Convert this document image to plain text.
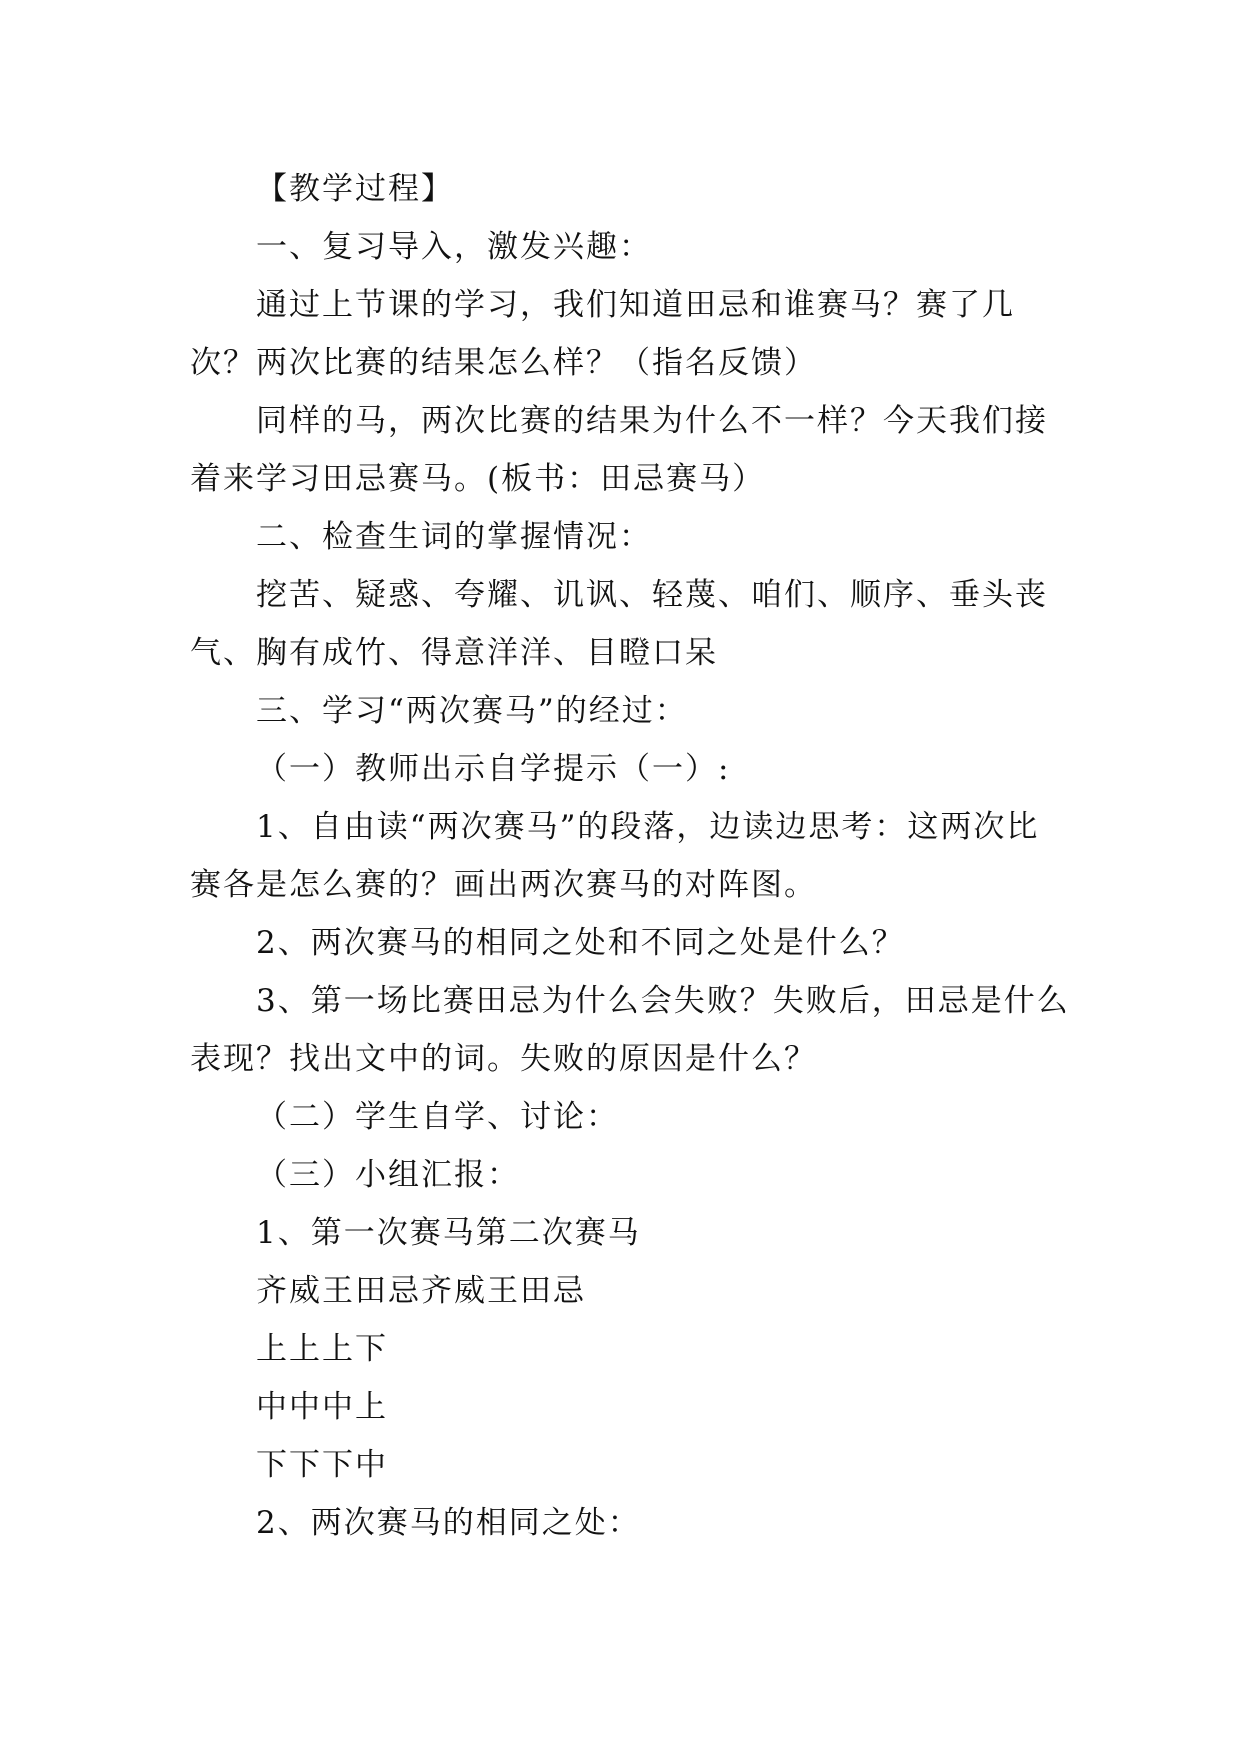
【教学过程】

一、复习导入，激发兴趣：

通过上节课的学习，我们知道田忌和谁赛马？赛了几次？两次比赛的结果怎么样？（指名反馈）

同样的马，两次比赛的结果为什么不一样？今天我们接着来学习田忌赛马。(板书：田忌赛马）

二、检查生词的掌握情况：

挖苦、疑惑、夸耀、讥讽、轻蔑、咱们、顺序、垂头丧气、胸有成竹、得意洋洋、目瞪口呆

三、学习“两次赛马”的经过：

（一）教师出示自学提示（一）:

1、自由读“两次赛马”的段落，边读边思考：这两次比赛各是怎么赛的？画出两次赛马的对阵图。

2、两次赛马的相同之处和不同之处是什么？

3、第一场比赛田忌为什么会失败？失败后，田忌是什么表现？找出文中的词。失败的原因是什么？

（二）学生自学、讨论：

（三）小组汇报：

1、第一次赛马第二次赛马

齐威王田忌齐威王田忌

上上上下

中中中上

下下下中

2、两次赛马的相同之处：
